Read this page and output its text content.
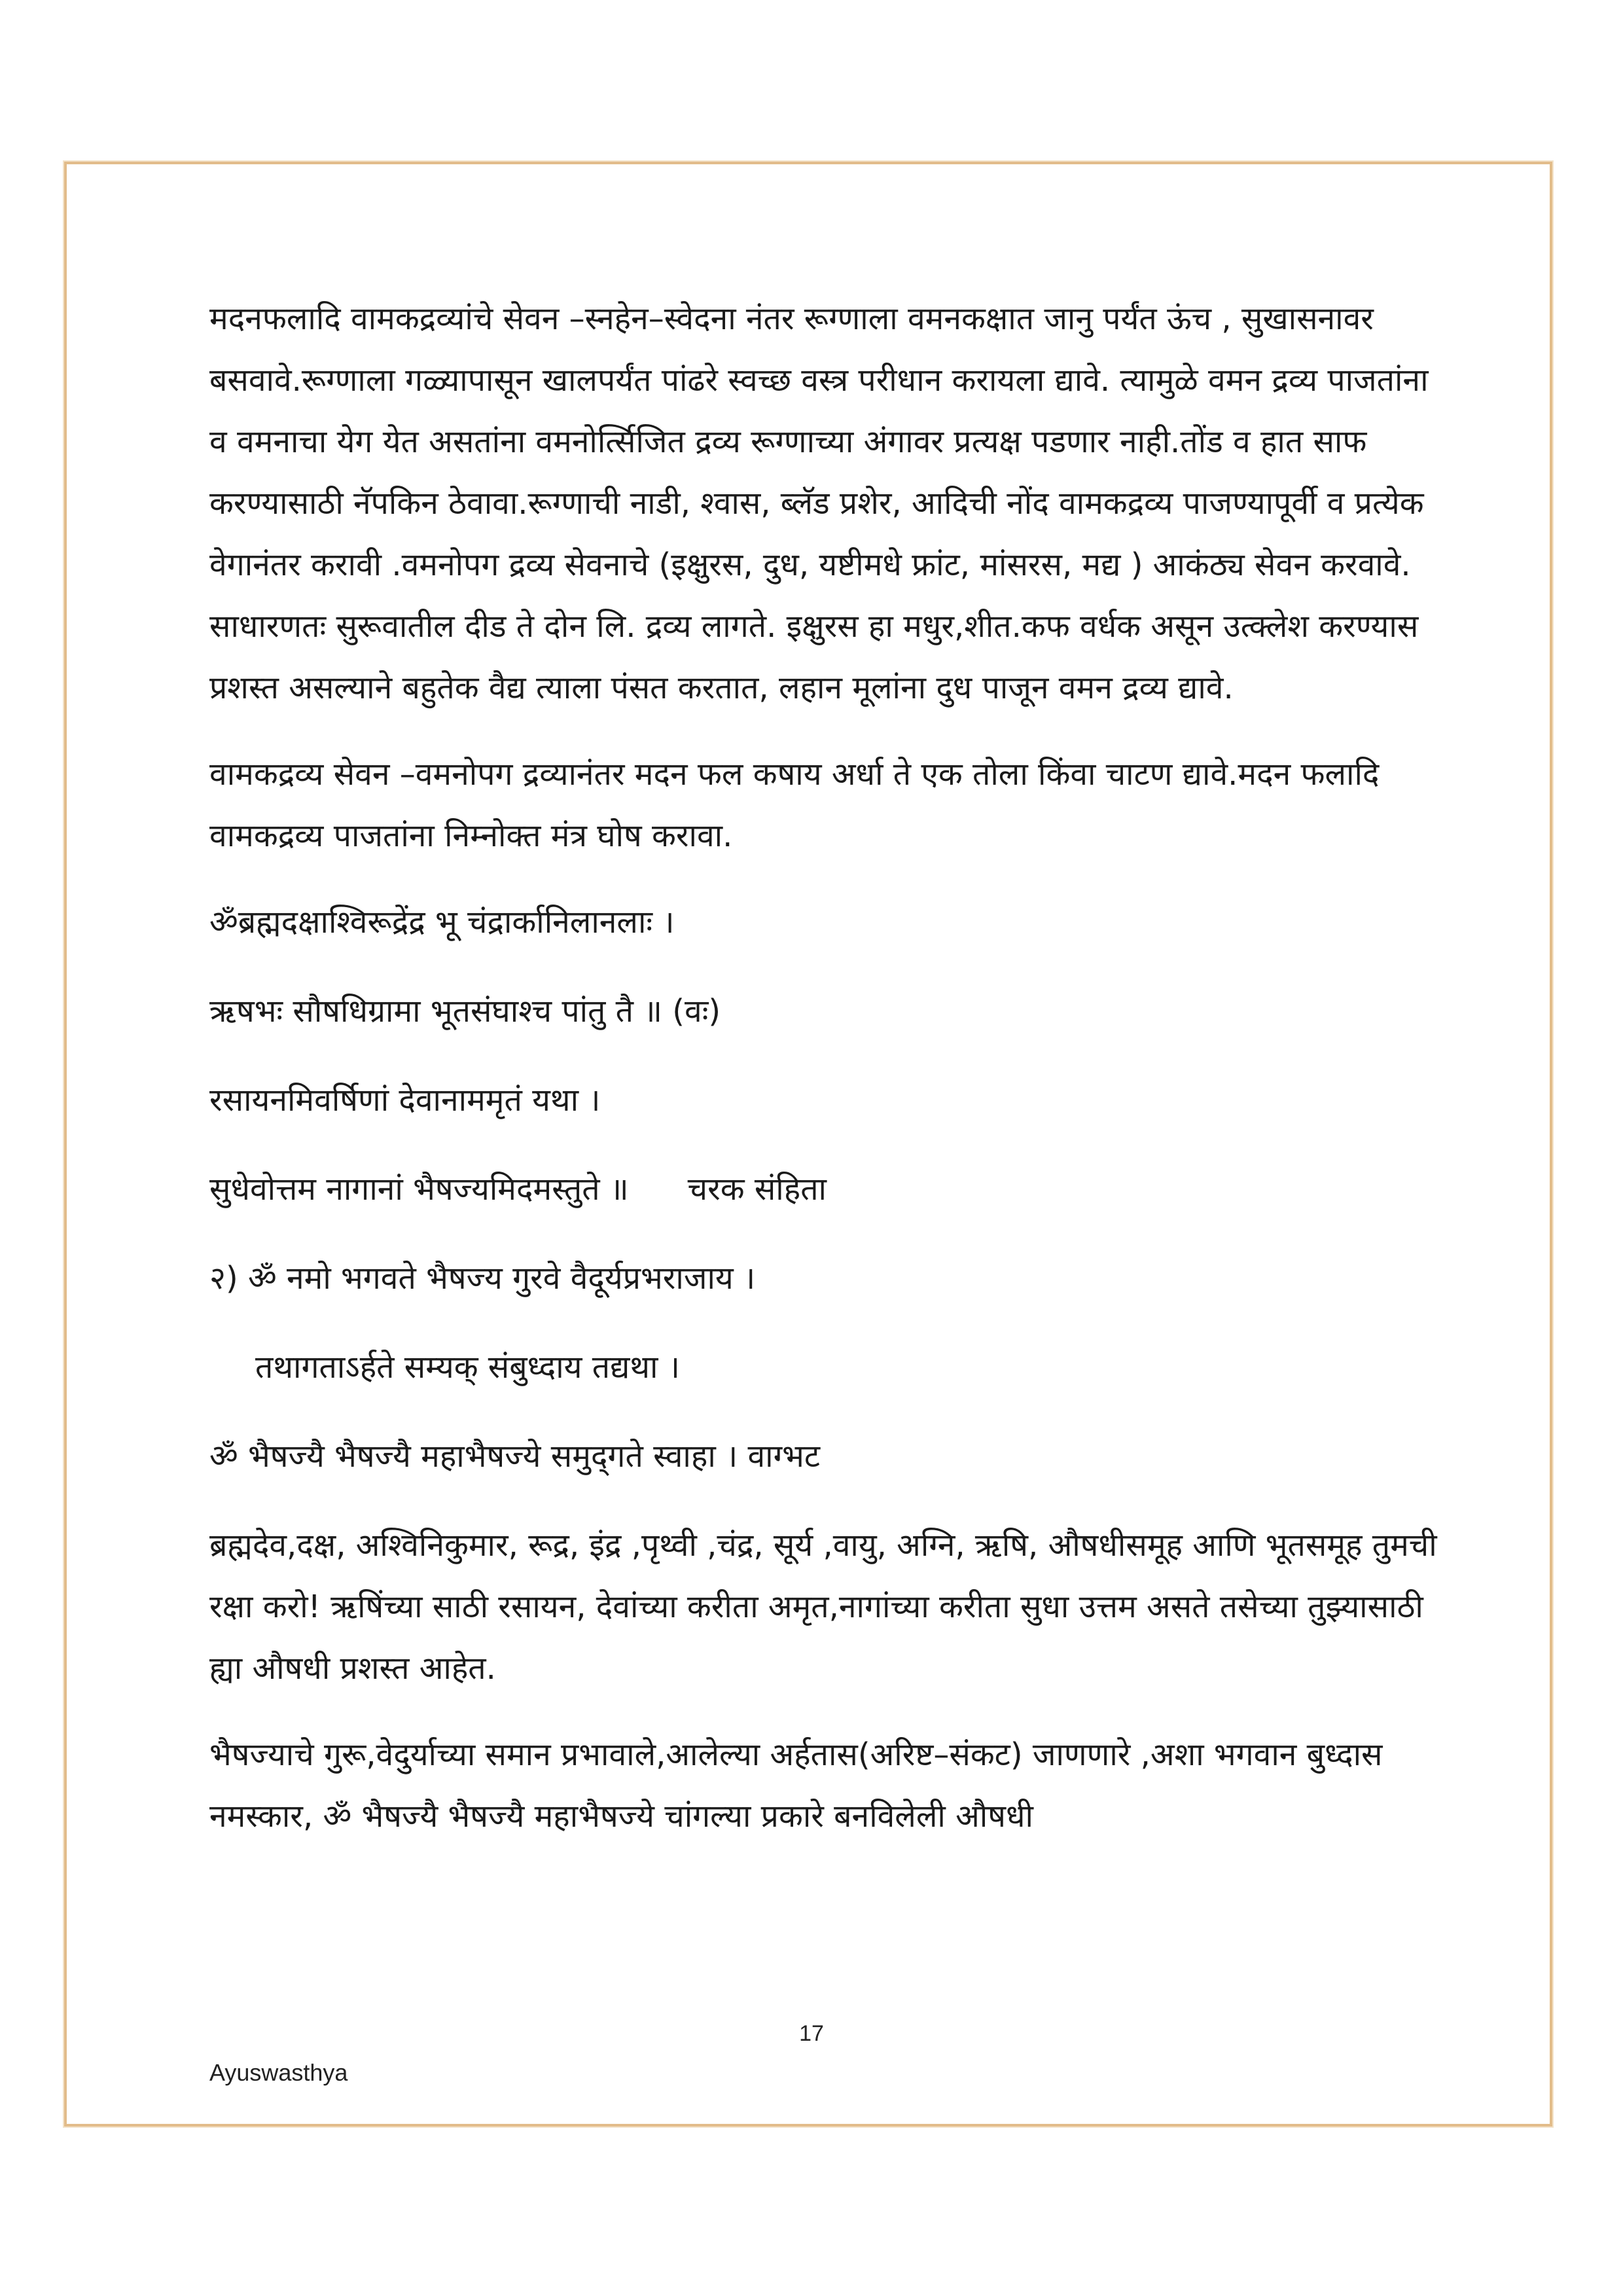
मदनफलादि वामकद्रव्यांचे सेवन –स्नहेन–स्वेदना नंतर रूग्णाला वमनकक्षात जानु पर्यंत ऊंच , सुखासनावर बसवावे.रूग्णाला गळ्यापासून खालपर्यंत पांढरे स्वच्छ वस्त्र परीधान करायला द्यावे. त्यामुळे वमन द्रव्य पाजतांना व वमनाचा येग येत असतांना वमनोर्त्सिजित द्रव्य रूग्णाच्या अंगावर प्रत्यक्ष पडणार नाही.तोंड व हात साफ करण्यासाठी नॅपकिन ठेवावा.रूग्णाची नाडी, श्वास, ब्लॅड प्रशेर, आदिची नोंद वामकद्रव्य पाजण्यापूर्वी व प्रत्येक वेगानंतर करावी .वमनोपग द्रव्य सेवनाचे (इक्षुरस, दुध, यष्टीमधे फ्रांट, मांसरस, मद्य ) आकंठ्य सेवन करवावे. साधारणतः सुरूवातील दीड ते दोन लि. द्रव्य लागते. इक्षुरस हा मधुर,शीत.कफ वर्धक असून उत्क्लेश करण्यास प्रशस्त असल्याने बहुतेक वैद्य त्याला पंसत करतात, लहान मूलांना दुध पाजून वमन द्रव्य द्यावे.

वामकद्रव्य सेवन –वमनोपग द्रव्यानंतर मदन फल कषाय अर्धा ते एक तोला किंवा चाटण द्यावे.मदन फलादि वामकद्रव्य पाजतांना निम्नोक्त मंत्र घोष करावा.

ॐब्रह्मदक्षाश्विरूद्रेंद्र भू चंद्रार्कानिलानलाः ।
ऋषभः सौषधिग्रामा भूतसंघाश्च पांतु तै ॥ (वः)
रसायनमिवर्षिणां देवानाममृतं यथा ।
सुधेवोत्तम नागानां भैषज्यमिदमस्तुते ॥ चरक संहिता
२) ॐ नमो भगवते भैषज्य गुरवे वैदूर्यप्रभराजाय ।
तथागताऽर्हते सम्यक् संबुध्दाय तद्यथा ।
ॐ भैषज्यै भैषज्यै महाभैषज्ये समुद्‌गते स्वाहा । वाग्भट

ब्रह्मदेव,दक्ष, अश्विनिकुमार, रूद्र, इंद्र ,पृथ्वी ,चंद्र, सूर्य ,वायु, अग्नि, ऋषि, औषधीसमूह आणि भूतसमूह तुमची रक्षा करो! ऋषिंच्या साठी रसायन, देवांच्या करीता अमृत,नागांच्या करीता सुधा उत्तम असते तसेच्या तुझ्यासाठी ह्या औषधी प्रशस्त आहेत.

भैषज्याचे गुरू,वेदुर्याच्या समान प्रभावाले,आलेल्या अर्हतास(अरिष्ट–संकट) जाणणारे ,अशा भगवान बुध्दास नमस्कार, ॐ भैषज्यै भैषज्यै महाभैषज्ये चांगल्या प्रकारे बनविलेली औषधी

17
Ayuswasthya
